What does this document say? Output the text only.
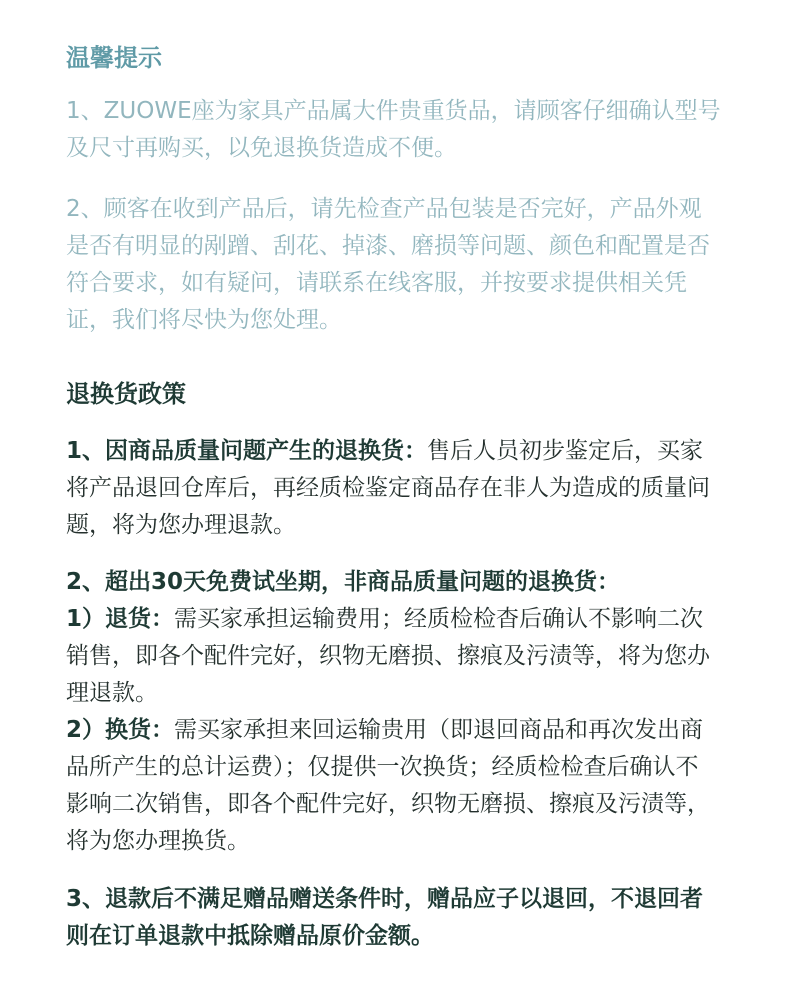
温馨提示

1、ZUOWE座为家具产品属大件贵重货品，请顾客仔细确认型号
及尺寸再购买，以免退换货造成不便。

2、顾客在收到产品后，请先检查产品包装是否完好，产品外观
是否有明显的剐蹭、刮花、掉漆、磨损等问题、颜色和配置是否
符合要求，如有疑问，请联系在线客服，并按要求提供相关凭
证，我们将尽快为您处理。

退换货政策

1、因商品质量问题产生的退换货：售后人员初步鉴定后，买家
将产品退回仓库后，再经质检鉴定商品存在非人为造成的质量问
题，将为您办理退款。

2、超出30天免费试坐期，非商品质量问题的退换货：
1）退货：需买家承担运输费用；经质检检杳后确认不影响二次
销售，即各个配件完好，织物无磨损、擦痕及污渍等，将为您办
理退款。
2）换货：需买家承担来回运输贵用（即退回商品和再次发出商
品所产生的总计运费）；仅提供一次换货；经质检检查后确认不
影响二次销售，即各个配件完好，织物无磨损、擦痕及污渍等，
将为您办理换货。

3、退款后不满足赠品赠送条件时，赠品应子以退回，不退回者
则在订单退款中抵除赠品原价金额。
